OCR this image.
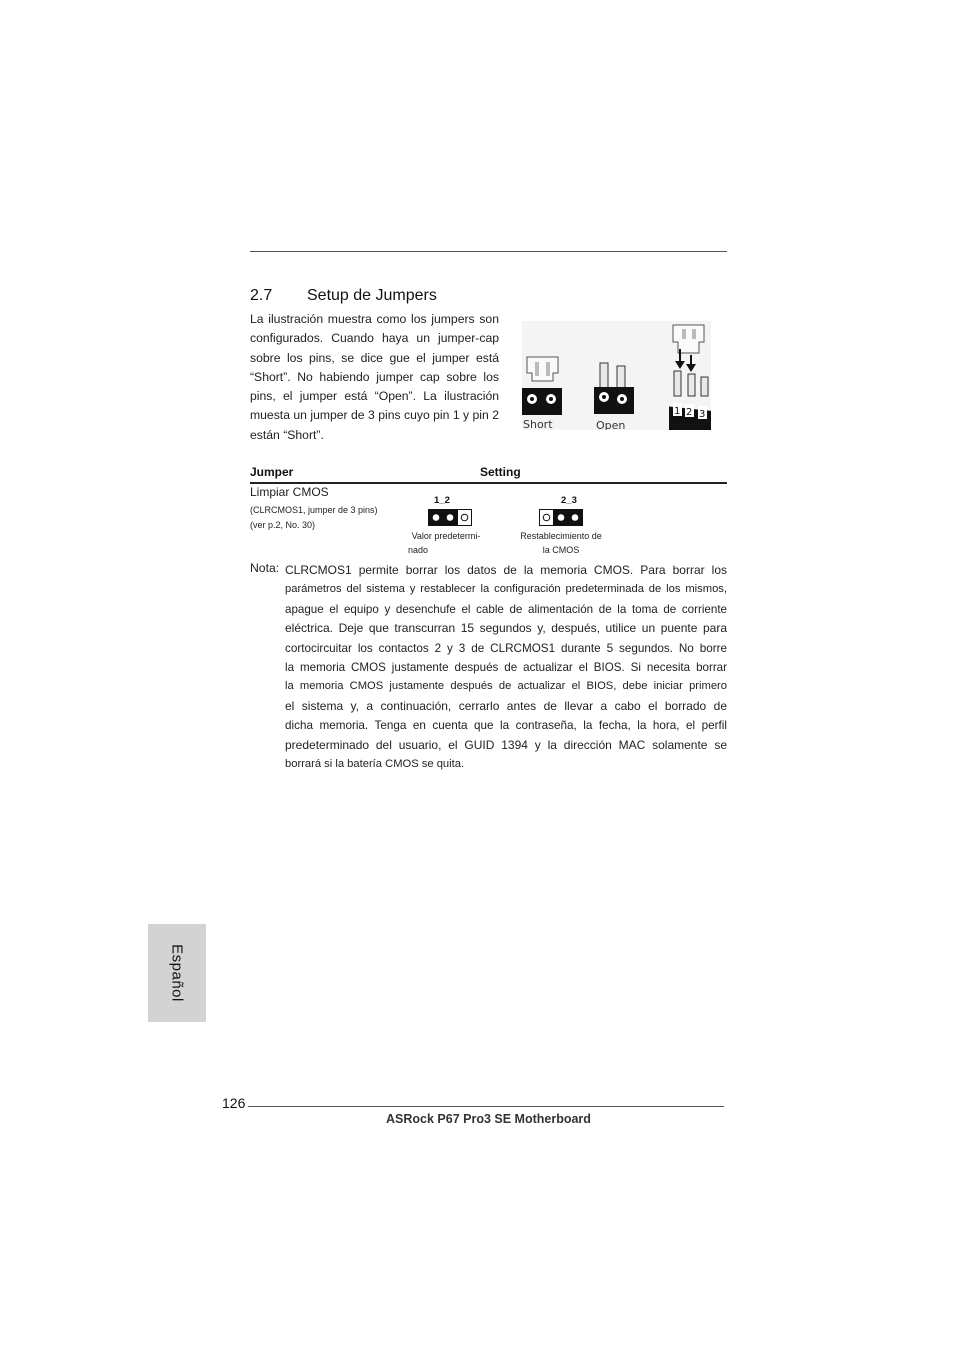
2.7 Setup de Jumpers
La ilustración muestra como los jumpers son configurados. Cuando haya un jumper-cap sobre los pins, se dice gue el jumper está “Short”. No habiendo jumper cap sobre los pins, el jumper está “Open”. La ilustración muesta un jumper de 3 pins cuyo pin 1 y pin 2 están “Short”.
Short	Open
1 2 3
Jumper	Setting
Limpiar CMOS
(CLRCMOS1, jumper de 3 pins)
(ver p.2, No. 30)
1_2
Valor predetermi-
nado
2_3
Restablecimiento de
la CMOS
Nota: CLRCMOS1 permite borrar los datos de la memoria CMOS. Para borrar los

parámetros del sistema y restablecer la configuración predeterminada de los mismos,

apague el equipo y desenchufe el cable de alimentación de la toma de corriente

eléctrica. Deje que transcurran 15 segundos y, después, utilice un puente para

cortocircuitar los contactos 2 y 3 de CLRCMOS1 durante 5 segundos. No borre

la memoria CMOS justamente después de actualizar el BIOS. Si necesita borrar

la memoria CMOS justamente después de actualizar el BIOS, debe iniciar primero

el sistema y, a continuación, cerrarlo antes de llevar a cabo el borrado de

dicha memoria. Tenga en cuenta que la contraseña, la fecha, la hora, el perfil

predeterminado del usuario, el GUID 1394 y la dirección MAC solamente se

borrará si la batería CMOS se quita.

Español
126
ASRock P67 Pro3 SE Motherboard
